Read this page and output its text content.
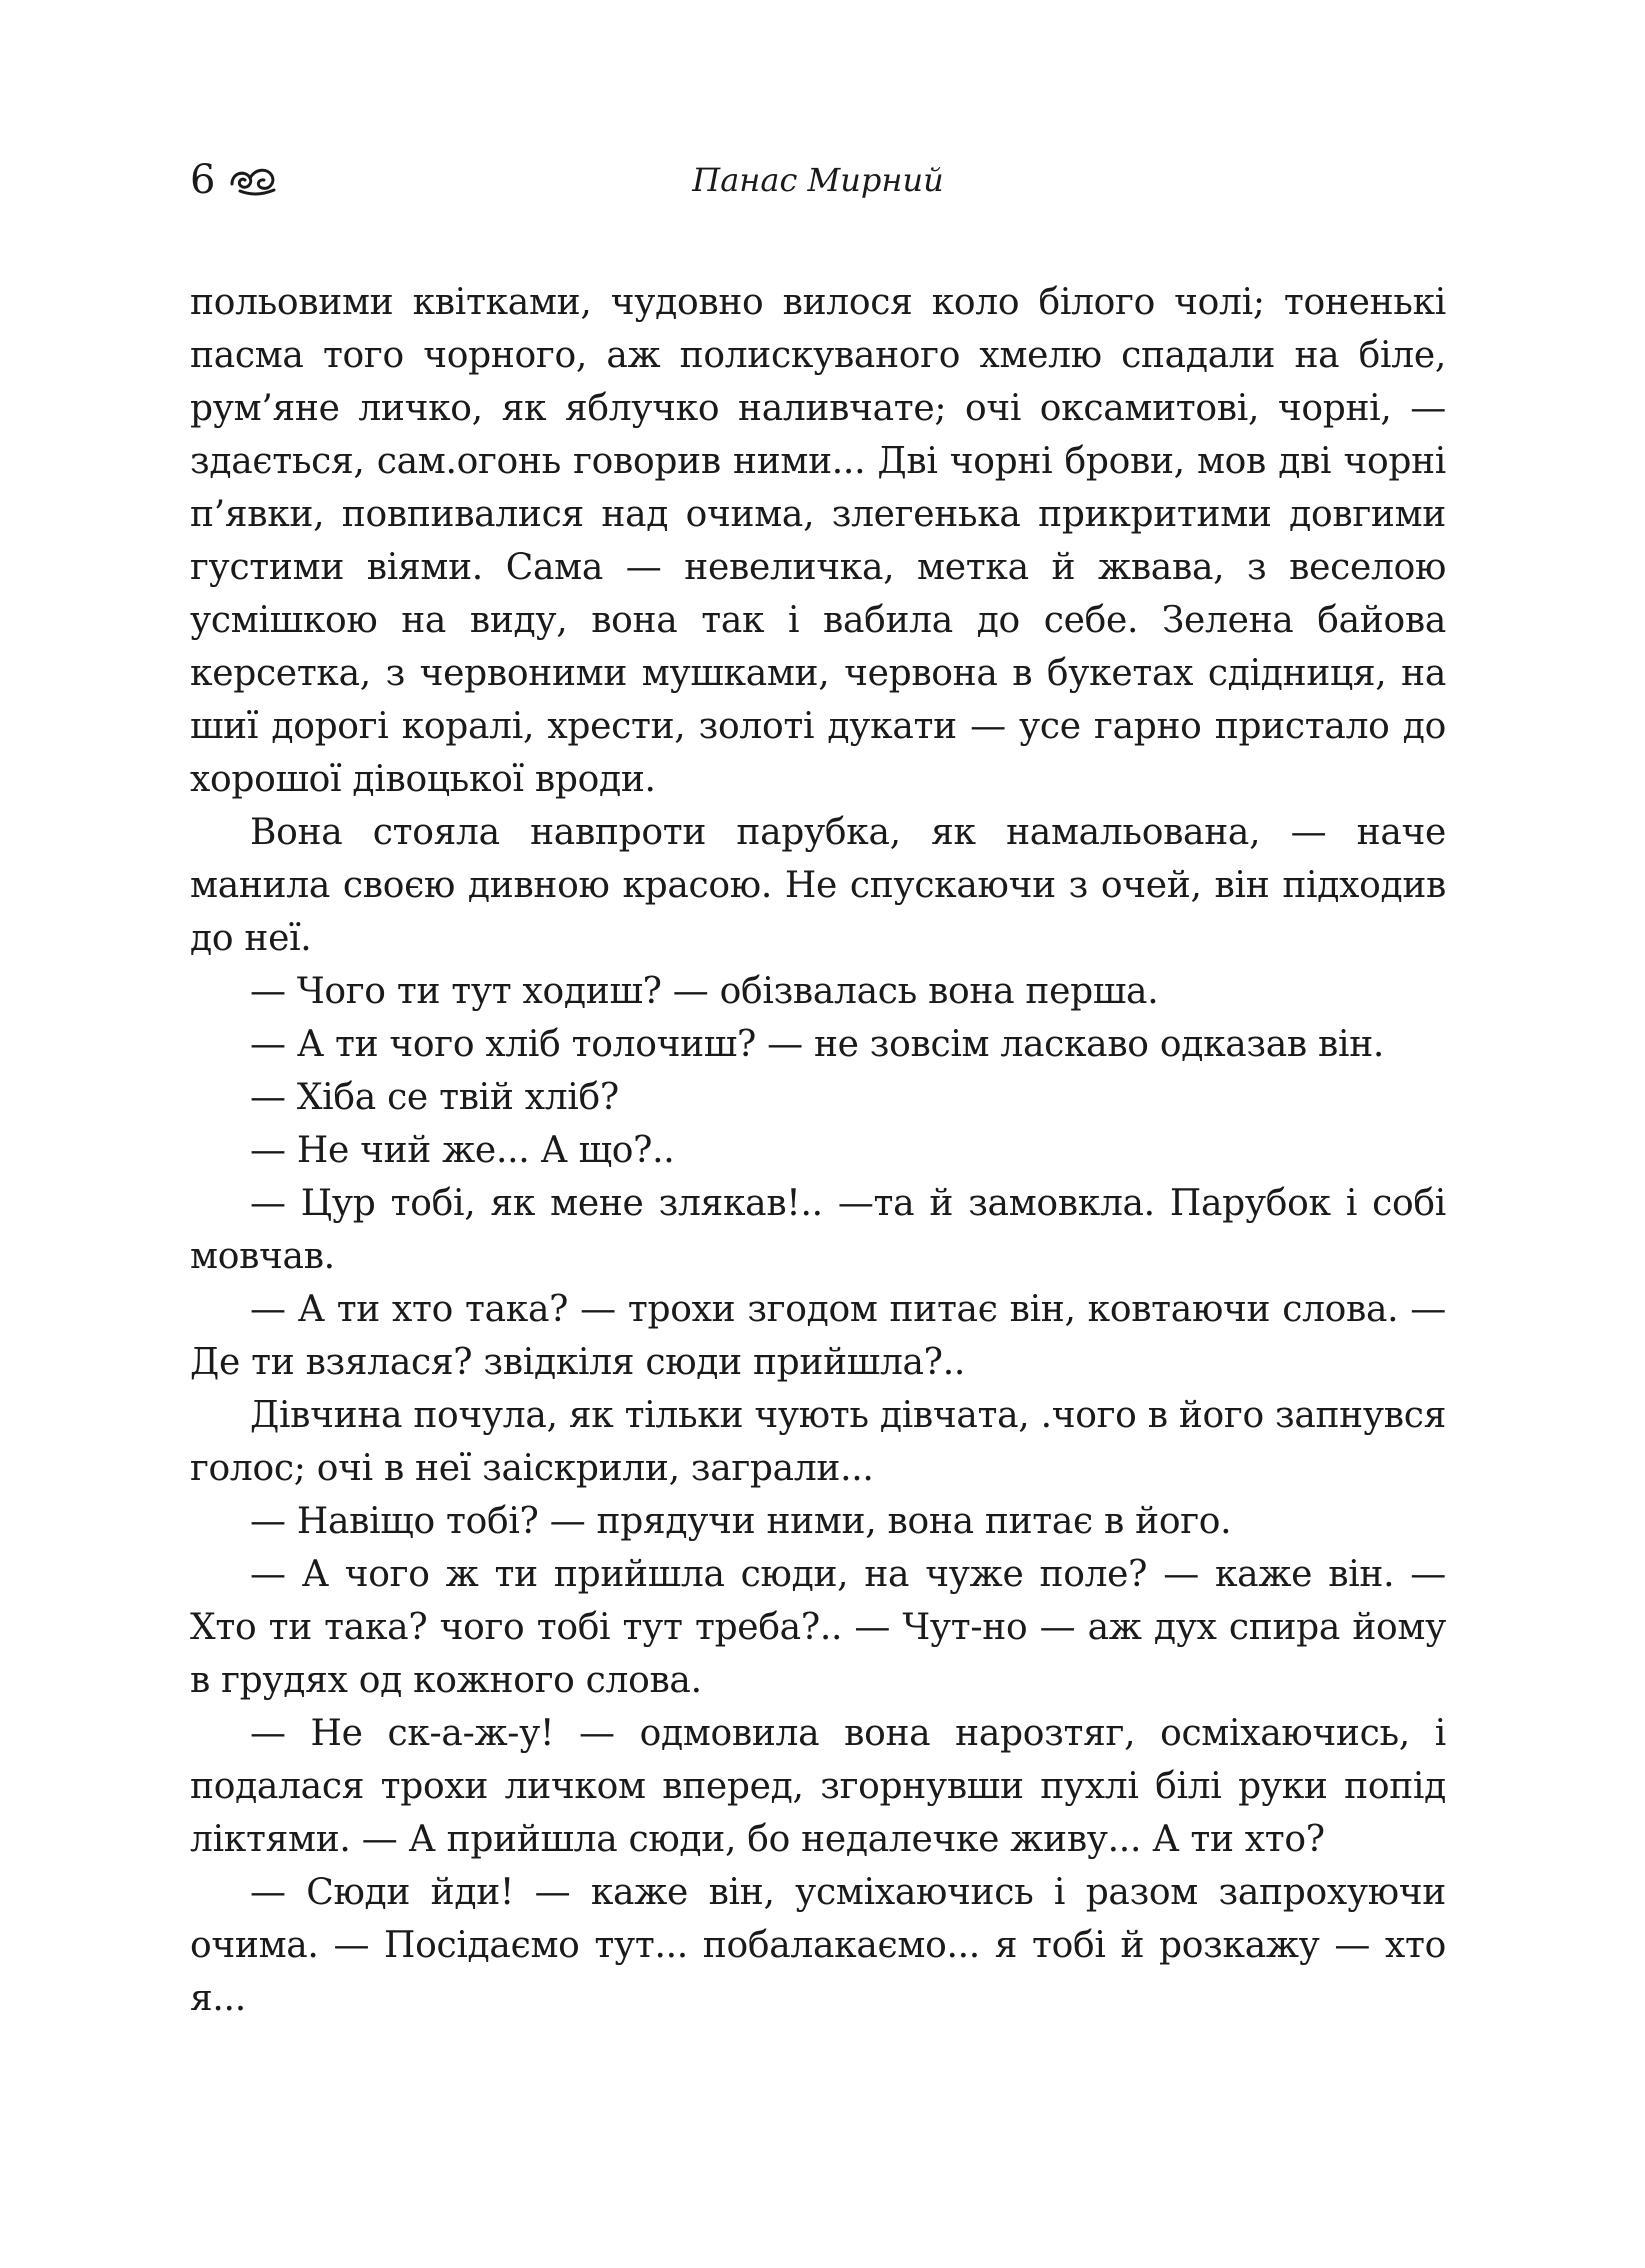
6	Панас Мирний

польовими квітками, чудовно вилося коло білого чолі; тоненькі пасма того чорного, аж полискуваного хмелю спадали на біле, рум’яне личко, як яблучко наливчате; очі оксамитові, чорні, — здається, сам.огонь говорив ними... Дві чорні брови, мов дві чорні п’явки, повпивалися над очима, злегенька прикритими довгими густими віями. Сама — невеличка, метка й жвава, з веселою усмішкою на виду, вона так і вабила до себе. Зелена байова керсетка, з червоними мушками, червона в букетах сдідниця, на шиї дорогі коралі, хрести, золоті дукати — усе гарно пристало до хорошої дівоцької вроди.

Вона стояла навпроти парубка, як намальована, — наче манила своєю дивною красою. Не спускаючи з очей, він підходив до неї.

— Чого ти тут ходиш? — обізвалась вона перша.

— А ти чого хліб толочиш? — не зовсім ласкаво одказав він.

— Хіба се твій хліб?

— Не чий же... А що?..

— Цур тобі, як мене злякав!.. —та й замовкла. Парубок і собі мовчав.

— А ти хто така? — трохи згодом питає він, ковтаючи слова. — Де ти взялася? звідкіля сюди прийшла?..

Дівчина почула, як тільки чують дівчата, .чого в його запнувся голос; очі в неї заіскрили, заграли...

— Навіщо тобі? — прядучи ними, вона питає в його.

— А чого ж ти прийшла сюди, на чуже поле? — каже він. — Хто ти така? чого тобі тут треба?.. — Чут-но — аж дух спира йому в грудях од кожного слова.

— Не ск-а-ж-у! — одмовила вона нарозтяг, осміхаючись, і подалася трохи личком вперед, згорнувши пухлі білі руки попід ліктями. — А прийшла сюди, бо недалечке живу... А ти хто?

— Сюди йди! — каже він, усміхаючись і разом запрохуючи очима. — Посідаємо тут... побалакаємо... я тобі й розкажу — хто я...
